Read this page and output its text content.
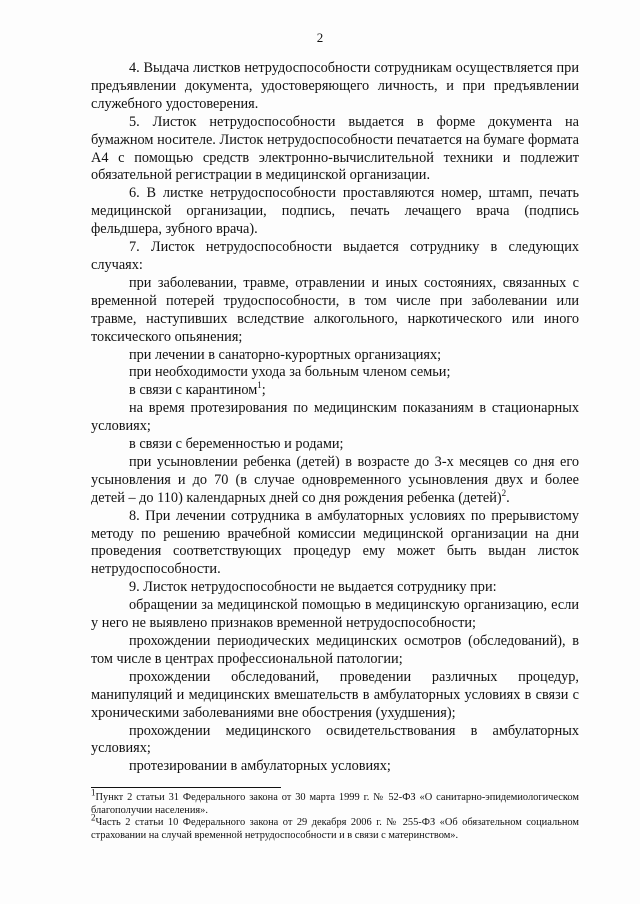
2

4. Выдача листков нетрудоспособности сотрудникам осуществляется при предъявлении документа, удостоверяющего личность, и при предъявлении служебного удостоверения.

5. Листок нетрудоспособности выдается в форме документа на бумажном носителе. Листок нетрудоспособности печатается на бумаге формата А4 с помощью средств электронно-вычислительной техники и подлежит обязательной регистрации в медицинской организации.

6. В листке нетрудоспособности проставляются номер, штамп, печать медицинской организации, подпись, печать лечащего врача (подпись фельдшера, зубного врача).

7. Листок нетрудоспособности выдается сотруднику в следующих случаях:

при заболевании, травме, отравлении и иных состояниях, связанных с временной потерей трудоспособности, в том числе при заболевании или травме, наступивших вследствие алкогольного, наркотического или иного токсического опьянения;

при лечении в санаторно-курортных организациях;

при необходимости ухода за больным членом семьи;

в связи с карантином$^1$;

на время протезирования по медицинским показаниям в стационарных условиях;

в связи с беременностью и родами;

при усыновлении ребенка (детей) в возрасте до 3-х месяцев со дня его усыновления и до 70 (в случае одновременного усыновления двух и более детей – до 110) календарных дней со дня рождения ребенка (детей)$^2$.

8. При лечении сотрудника в амбулаторных условиях по прерывистому методу по решению врачебной комиссии медицинской организации на дни проведения соответствующих процедур ему может быть выдан листок нетрудоспособности.

9. Листок нетрудоспособности не выдается сотруднику при:

обращении за медицинской помощью в медицинскую организацию, если у него не выявлено признаков временной нетрудоспособности;

прохождении периодических медицинских осмотров (обследований), в том числе в центрах профессиональной патологии;

прохождении обследований, проведении различных процедур, манипуляций и медицинских вмешательств в амбулаторных условиях в связи с хроническими заболеваниями вне обострения (ухудшения);

прохождении медицинского освидетельствования в амбулаторных условиях;

протезировании в амбулаторных условиях;

$^1$Пункт 2 статьи 31 Федерального закона от 30 марта 1999 г. № 52-ФЗ «О санитарно-эпидемиологическом благополучии населения».

$^2$Часть 2 статьи 10 Федерального закона от 29 декабря 2006 г. № 255-ФЗ «Об обязательном социальном страховании на случай временной нетрудоспособности и в связи с материнством».
